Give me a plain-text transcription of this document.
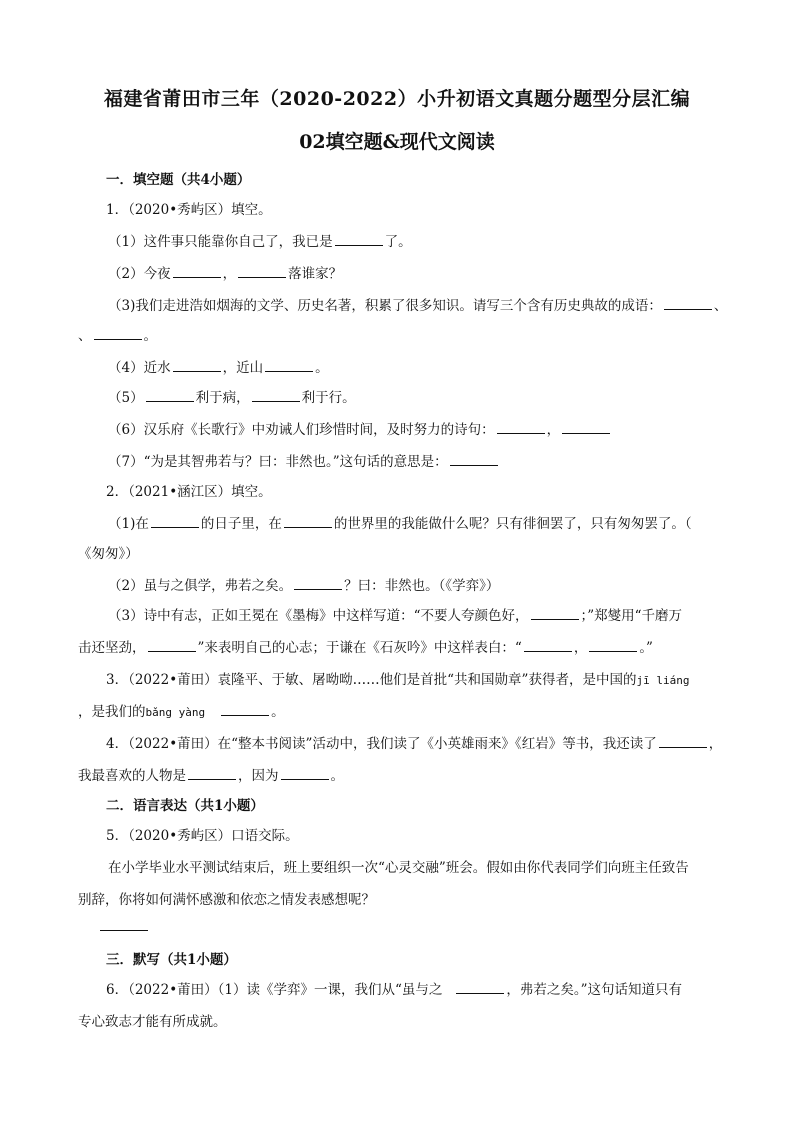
福建省莆田市三年（2020-2022）小升初语文真题分题型分层汇编
02填空题&现代文阅读
一．填空题（共4小题）
1．（2020•秀屿区）填空。
（1）这件事只能靠你自己了，我已是	了。
（2）今夜	，	落谁家？
（3)我们走进浩如烟海的文学、历史名著，积累了很多知识。请写三个含有历史典故的成语：	、
、	。
（4）近水	，近山	。
（5）	利于病，	利于行。
（6）汉乐府《长歌行》中劝诫人们珍惜时间，及时努力的诗句：	，
（7）“为是其智弗若与？曰：非然也。”这句话的意思是：
2．（2021•涵江区）填空。
（1)在	的日子里，在	的世界里的我能做什么呢？只有徘徊罢了，只有匆匆罢了。（
《匆匆》）
（2）虽与之俱学，弗若之矣。	？曰：非然也。（《学弈》）
（3）诗中有志，正如王冕在《墨梅》中这样写道：“不要人夸颜色好，	；”郑燮用“千磨万
击还坚劲，	”来表明自己的心志；于谦在《石灰吟》中这样表白：“	，	。”
3．（2022•莆田）袁隆平、于敏、屠呦呦……他们是首批“共和国勋章”获得者，是中国的jī liáng
，是我们的bǎng yàng	。
4．（2022•莆田）在“整本书阅读”活动中，我们读了《小英雄雨来》《红岩》等书，我还读了	，
我最喜欢的人物是	，因为	。
二．语言表达（共1小题）
5．（2020•秀屿区）口语交际。
在小学毕业水平测试结束后，班上要组织一次“心灵交融”班会。假如由你代表同学们向班主任致告
别辞，你将如何满怀感激和依恋之情发表感想呢？
三．默写（共1小题）
6．（2022•莆田）（1）读《学弈》一课，我们从“虽与之	，弗若之矣。”这句话知道只有
专心致志才能有所成就。
